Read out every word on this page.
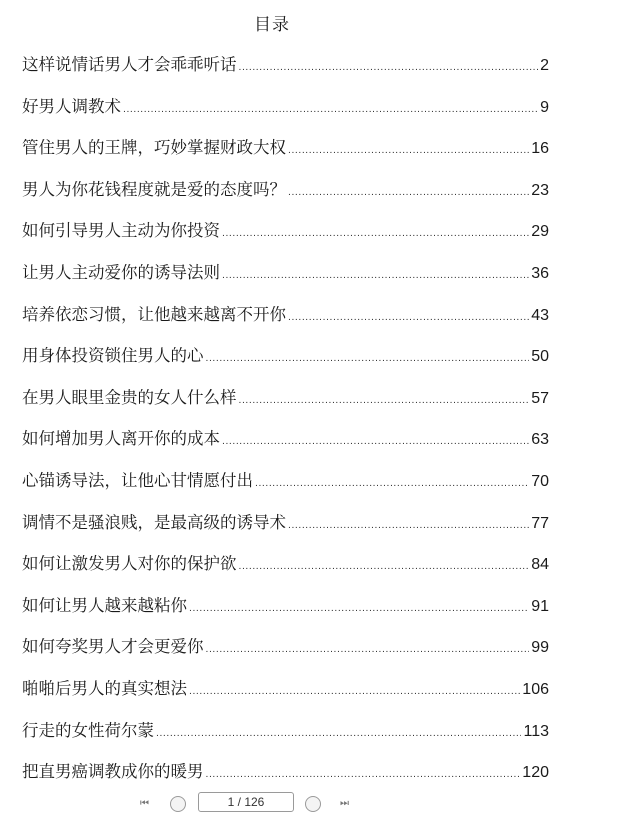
目录
这样说情话男人才会乖乖听话 .....	2
好男人调教术 .....	9
管住男人的王牌，巧妙掌握财政大权 .....	16
男人为你花钱程度就是爱的态度吗？ .....	23
如何引导男人主动为你投资 .....	29
让男人主动爱你的诱导法则 .....	36
培养依恋习惯，让他越来越离不开你 .....	43
用身体投资锁住男人的心 .....	50
在男人眼里金贵的女人什么样 .....	57
如何增加男人离开你的成本 .....	63
心锚诱导法，让他心甘情愿付出 .....	70
调情不是骚浪贱，是最高级的诱导术 .....	77
如何让激发男人对你的保护欲 .....	84
如何让男人越来越粘你 .....	91
如何夸奖男人才会更爱你 .....	99
啪啪后男人的真实想法 .....	106
行走的女性荷尔蒙 .....	113
把直男癌调教成你的暖男 .....	120
⏮	1 / 126	⏭
